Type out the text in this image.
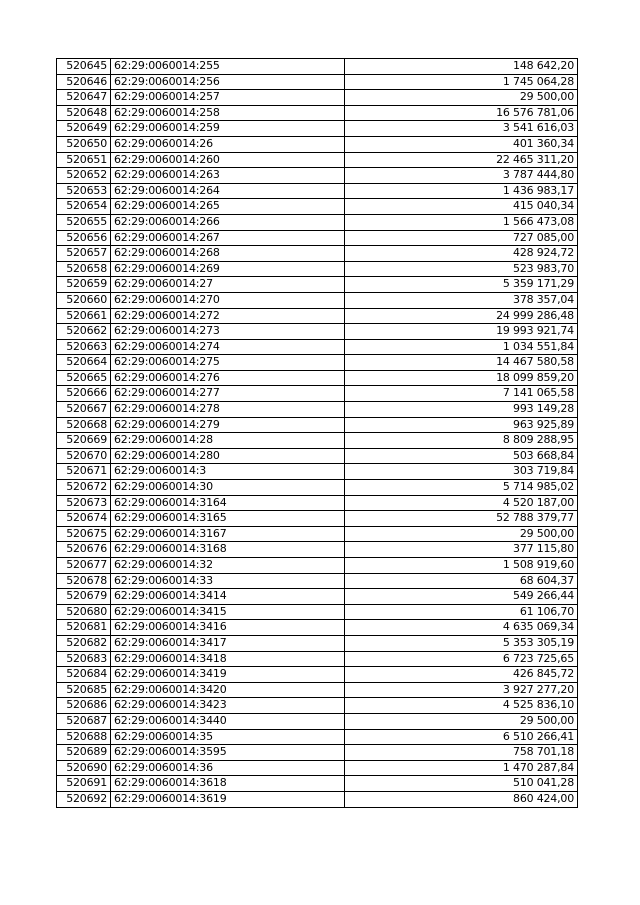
520645	62:29:0060014:255	148 642,20
520646	62:29:0060014:256	1 745 064,28
520647	62:29:0060014:257	29 500,00
520648	62:29:0060014:258	16 576 781,06
520649	62:29:0060014:259	3 541 616,03
520650	62:29:0060014:26	401 360,34
520651	62:29:0060014:260	22 465 311,20
520652	62:29:0060014:263	3 787 444,80
520653	62:29:0060014:264	1 436 983,17
520654	62:29:0060014:265	415 040,34
520655	62:29:0060014:266	1 566 473,08
520656	62:29:0060014:267	727 085,00
520657	62:29:0060014:268	428 924,72
520658	62:29:0060014:269	523 983,70
520659	62:29:0060014:27	5 359 171,29
520660	62:29:0060014:270	378 357,04
520661	62:29:0060014:272	24 999 286,48
520662	62:29:0060014:273	19 993 921,74
520663	62:29:0060014:274	1 034 551,84
520664	62:29:0060014:275	14 467 580,58
520665	62:29:0060014:276	18 099 859,20
520666	62:29:0060014:277	7 141 065,58
520667	62:29:0060014:278	993 149,28
520668	62:29:0060014:279	963 925,89
520669	62:29:0060014:28	8 809 288,95
520670	62:29:0060014:280	503 668,84
520671	62:29:0060014:3	303 719,84
520672	62:29:0060014:30	5 714 985,02
520673	62:29:0060014:3164	4 520 187,00
520674	62:29:0060014:3165	52 788 379,77
520675	62:29:0060014:3167	29 500,00
520676	62:29:0060014:3168	377 115,80
520677	62:29:0060014:32	1 508 919,60
520678	62:29:0060014:33	68 604,37
520679	62:29:0060014:3414	549 266,44
520680	62:29:0060014:3415	61 106,70
520681	62:29:0060014:3416	4 635 069,34
520682	62:29:0060014:3417	5 353 305,19
520683	62:29:0060014:3418	6 723 725,65
520684	62:29:0060014:3419	426 845,72
520685	62:29:0060014:3420	3 927 277,20
520686	62:29:0060014:3423	4 525 836,10
520687	62:29:0060014:3440	29 500,00
520688	62:29:0060014:35	6 510 266,41
520689	62:29:0060014:3595	758 701,18
520690	62:29:0060014:36	1 470 287,84
520691	62:29:0060014:3618	510 041,28
520692	62:29:0060014:3619	860 424,00
